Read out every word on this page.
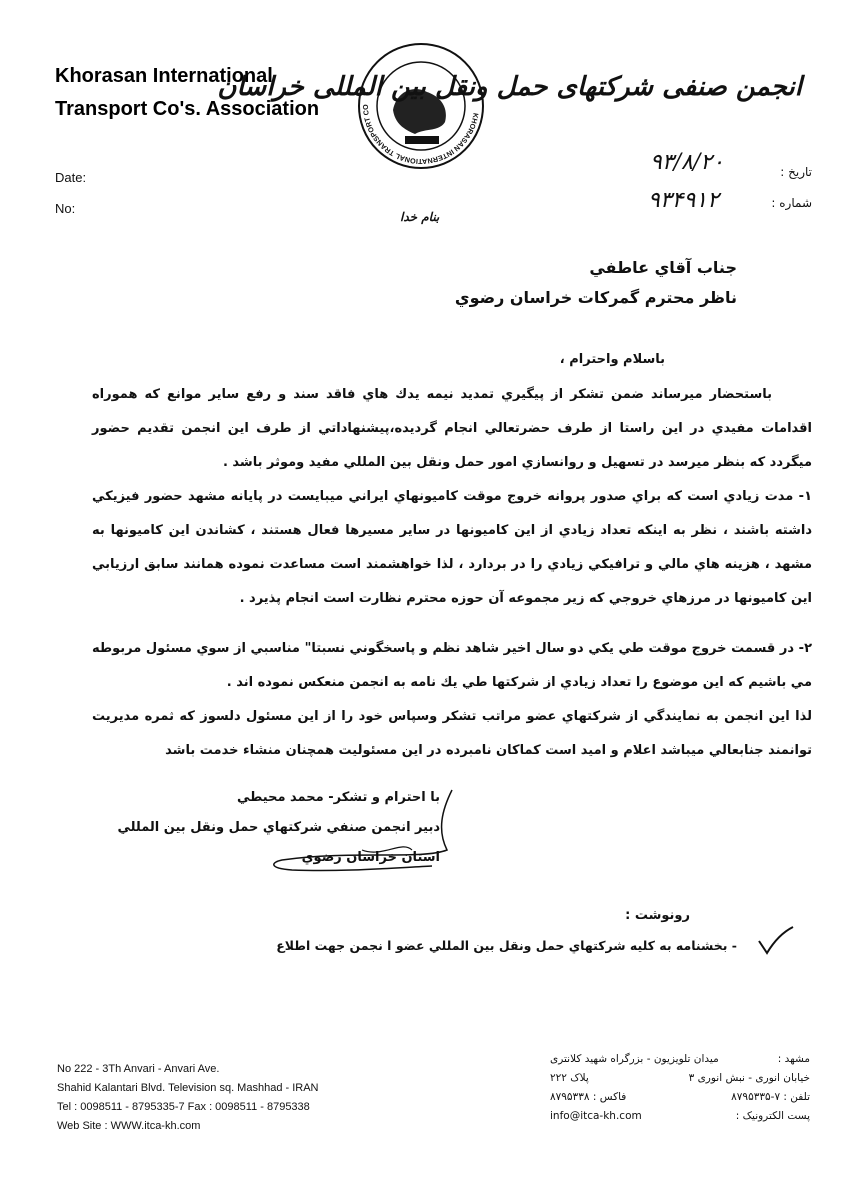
Khorasan International
Transport Co's. Association	KHORASAN INTERNATIONAL TRANSPORT CO
انجمن صنفی شرکتهای حمل ونقل بین المللی خراسان
Date:
No:
تاریخ :
شماره :
۹۳/۸/۲۰
۹۳۴۹۱۲
بنام خدا
جناب آقاي عاطفي
ناظر محترم گمركات خراسان رضوي
باسلام واحترام ،

باستحضار ميرساند ضمن تشكر از پيگيري تمديد نيمه يدك هاي فاقد سند و رفع ساير موانع كه هموراه اقدامات مفيدي در اين راستا از طرف حضرتعالي انجام گرديده،پيشنهاداتي از طرف اين انجمن تقديم حضور ميگردد كه بنظر ميرسد در تسهيل و روانسازي امور حمل ونقل بين المللي مفيد وموثر باشد .

۱- مدت زيادي است كه براي صدور پروانه خروج موقت كاميونهاي ايراني ميبايست در پايانه مشهد حضور فيزيكي داشته باشند ، نظر به اينكه تعداد زيادي از اين كاميونها در ساير مسيرها فعال هستند ، كشاندن اين كاميونها به مشهد ، هزينه هاي مالي و ترافيكي زيادي را در بردارد ، لذا خواهشمند است مساعدت نموده همانند سابق ارزيابي اين كاميونها در مرزهاي خروجي كه زير مجموعه آن حوزه محترم نظارت است انجام پذيرد .

۲- در قسمت خروج موقت طي يكي دو سال اخير شاهد نظم و پاسخگوني نسبتا" مناسبي از سوي مسئول مربوطه مي باشيم كه اين موضوع را تعداد زيادي از شركتها طي يك نامه به انجمن منعكس نموده اند .

لذا اين انجمن به نمايندگي از شركتهاي عضو مراتب تشكر وسپاس خود را از اين مسئول دلسوز كه ثمره مديريت توانمند جنابعالي ميباشد اعلام و اميد است كماكان نامبرده در اين مسئوليت همچنان منشاء خدمت باشد

با احترام و تشكر- محمد محيطي
دبير انجمن صنفي شركتهاي حمل ونقل بين المللي
استان خراسان رضوي
رونوشت :
- بخشنامه به كليه شركتهاي حمل ونقل بين المللي عضو ا نجمن جهت اطلاع
No 222 - 3Th Anvari - Anvari Ave.
Shahid Kalantari Blvd. Television sq. Mashhad - IRAN
Tel : 0098511 - 8795335-7 Fax : 0098511 - 8795338
Web Site : WWW.itca-kh.com
مشهد :
میدان تلویزیون - بزرگراه شهید کلانتری
خیابان انوری - نبش انوری ۳
پلاک ۲۲۲
تلفن : ۷-۸۷۹۵۳۳۵
فاکس : ۸۷۹۵۳۳۸
پست الکترونیک :
info@itca-kh.com
